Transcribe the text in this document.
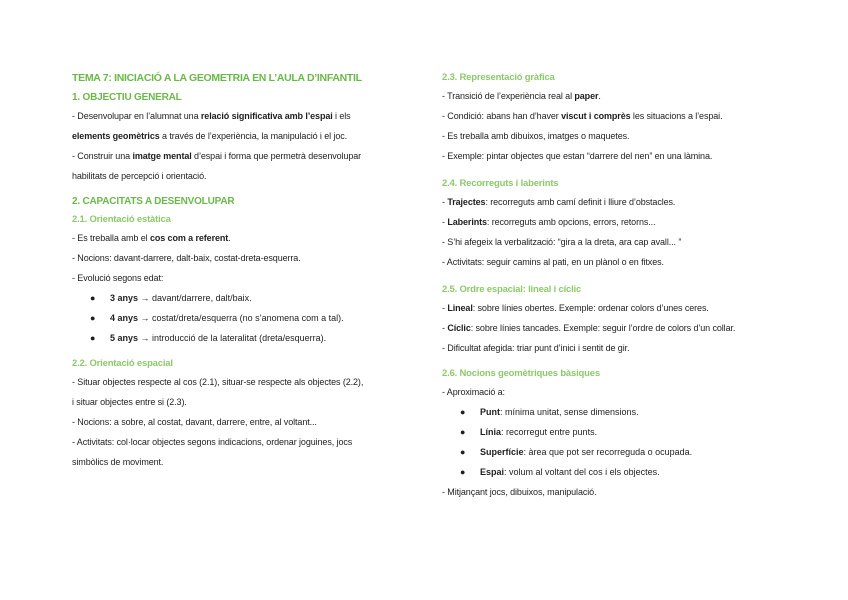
TEMA 7: INICIACIÓ A LA GEOMETRIA EN L’AULA D’INFANTIL
1. OBJECTIU GENERAL
- Desenvolupar en l’alumnat una relació significativa amb l’espai i els
elements geomètrics a través de l’experiència, la manipulació i el joc.
- Construir una imatge mental d’espai i forma que permetrà desenvolupar
habilitats de percepció i orientació.
2. CAPACITATS A DESENVOLUPAR
2.1. Orientació estàtica
- Es treballa amb el cos com a referent.
- Nocions: davant-darrere, dalt-baix, costat-dreta-esquerra.
- Evolució segons edat:
● 3 anys → davant/darrere, dalt/baix.
● 4 anys → costat/dreta/esquerra (no s’anomena com a tal).
● 5 anys → introducció de la lateralitat (dreta/esquerra).
2.2. Orientació espacial
- Situar objectes respecte al cos (2.1), situar-se respecte als objectes (2.2),
i situar objectes entre si (2.3).
- Nocions: a sobre, al costat, davant, darrere, entre, al voltant...
- Activitats: col·locar objectes segons indicacions, ordenar joguines, jocs
simbòlics de moviment.
2.3. Representació gràfica
- Transició de l’experiència real al paper.
- Condició: abans han d’haver viscut i comprès les situacions a l’espai.
- Es treballa amb dibuixos, imatges o maquetes.
- Exemple: pintar objectes que estan “darrere del nen” en una làmina.
2.4. Recorreguts i laberints
- Trajectes: recorreguts amb camí definit i lliure d’obstacles.
- Laberints: recorreguts amb opcions, errors, retorns...
- S’hi afegeix la verbalització: “gira a la dreta, ara cap avall... ”
- Activitats: seguir camins al pati, en un plànol o en fitxes.
2.5. Ordre espacial: lineal i cíclic
- Lineal: sobre línies obertes. Exemple: ordenar colors d’unes ceres.
- Cíclic: sobre línies tancades. Exemple: seguir l’ordre de colors d’un collar.
- Dificultat afegida: triar punt d’inici i sentit de gir.
2.6. Nocions geomètriques bàsiques
- Aproximació a:
● Punt: mínima unitat, sense dimensions.
● Línia: recorregut entre punts.
● Superfície: àrea que pot ser recorreguda o ocupada.
● Espai: volum al voltant del cos i els objectes.
- Mitjançant jocs, dibuixos, manipulació.
